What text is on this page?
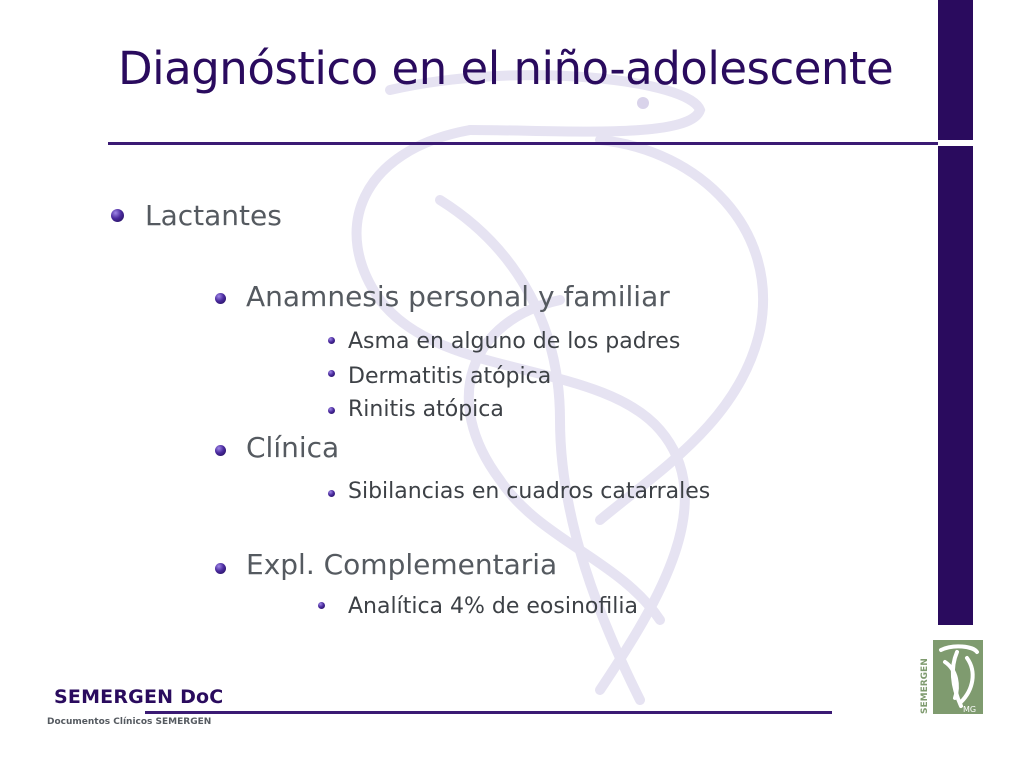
Diagnóstico en el niño-adolescente
Lactantes
Anamnesis personal y familiar
Asma en alguno de los padres
Dermatitis atópica
Rinitis atópica
Clínica
Sibilancias en cuadros catarrales
Expl. Complementaria
Analítica 4% de eosinofilia
SEMERGEN DoC
Documentos Clínicos SEMERGEN
SEMERGEN	MG
